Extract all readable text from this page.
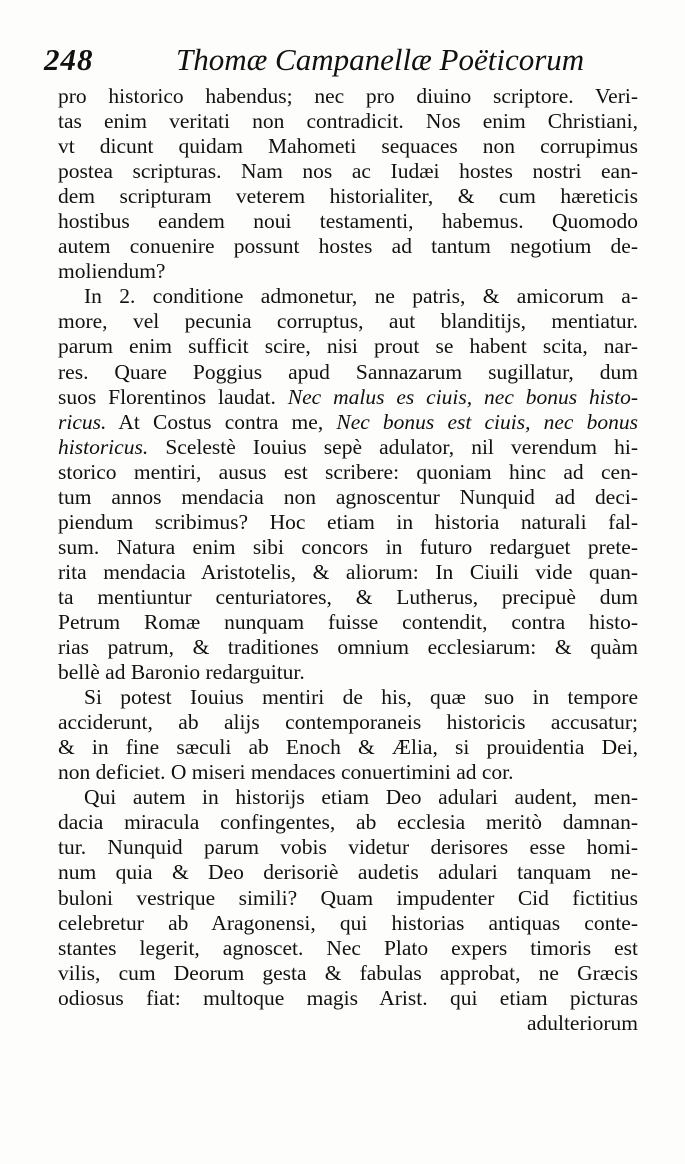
248	Thomæ Campanellæ Poëticorum
pro historico habendus; nec pro diuino scriptore. Veri-
tas enim veritati non contradicit. Nos enim Christiani,
vt dicunt quidam Mahometi sequaces non corrupimus
postea scripturas. Nam nos ac Iudæi hostes nostri ean-
dem scripturam veterem historialiter, & cum hæreticis
hostibus eandem noui testamenti, habemus. Quomodo
autem conuenire possunt hostes ad tantum negotium de-
moliendum?
In 2. conditione admonetur, ne patris, & amicorum a-
more, vel pecunia corruptus, aut blanditijs, mentiatur.
parum enim sufficit scire, nisi prout se habent scita, nar-
res. Quare Poggius apud Sannazarum sugillatur, dum
suos Florentinos laudat. Nec malus es ciuis, nec bonus histo-
ricus. At Costus contra me, Nec bonus est ciuis, nec bonus
historicus. Scelestè Iouius sepè adulator, nil verendum hi-
storico mentiri, ausus est scribere: quoniam hinc ad cen-
tum annos mendacia non agnoscentur Nunquid ad deci-
piendum scribimus? Hoc etiam in historia naturali fal-
sum. Natura enim sibi concors in futuro redarguet prete-
rita mendacia Aristotelis, & aliorum: In Ciuili vide quan-
ta mentiuntur centuriatores, & Lutherus, precipuè dum
Petrum Romæ nunquam fuisse contendit, contra histo-
rias patrum, & traditiones omnium ecclesiarum: & quàm
bellè ad Baronio redarguitur.
Si potest Iouius mentiri de his, quæ suo in tempore
acciderunt, ab alijs contemporaneis historicis accusatur;
& in fine sæculi ab Enoch & Ælia, si prouidentia Dei,
non deficiet. O miseri mendaces conuertimini ad cor.
Qui autem in historijs etiam Deo adulari audent, men-
dacia miracula confingentes, ab ecclesia meritò damnan-
tur. Nunquid parum vobis videtur derisores esse homi-
num quia & Deo derisoriè audetis adulari tanquam ne-
buloni vestrique simili? Quam impudenter Cid fictitius
celebretur ab Aragonensi, qui historias antiquas conte-
stantes legerit, agnoscet. Nec Plato expers timoris est
vilis, cum Deorum gesta & fabulas approbat, ne Græcis
odiosus fiat: multoque magis Arist. qui etiam picturas
adulteriorum
